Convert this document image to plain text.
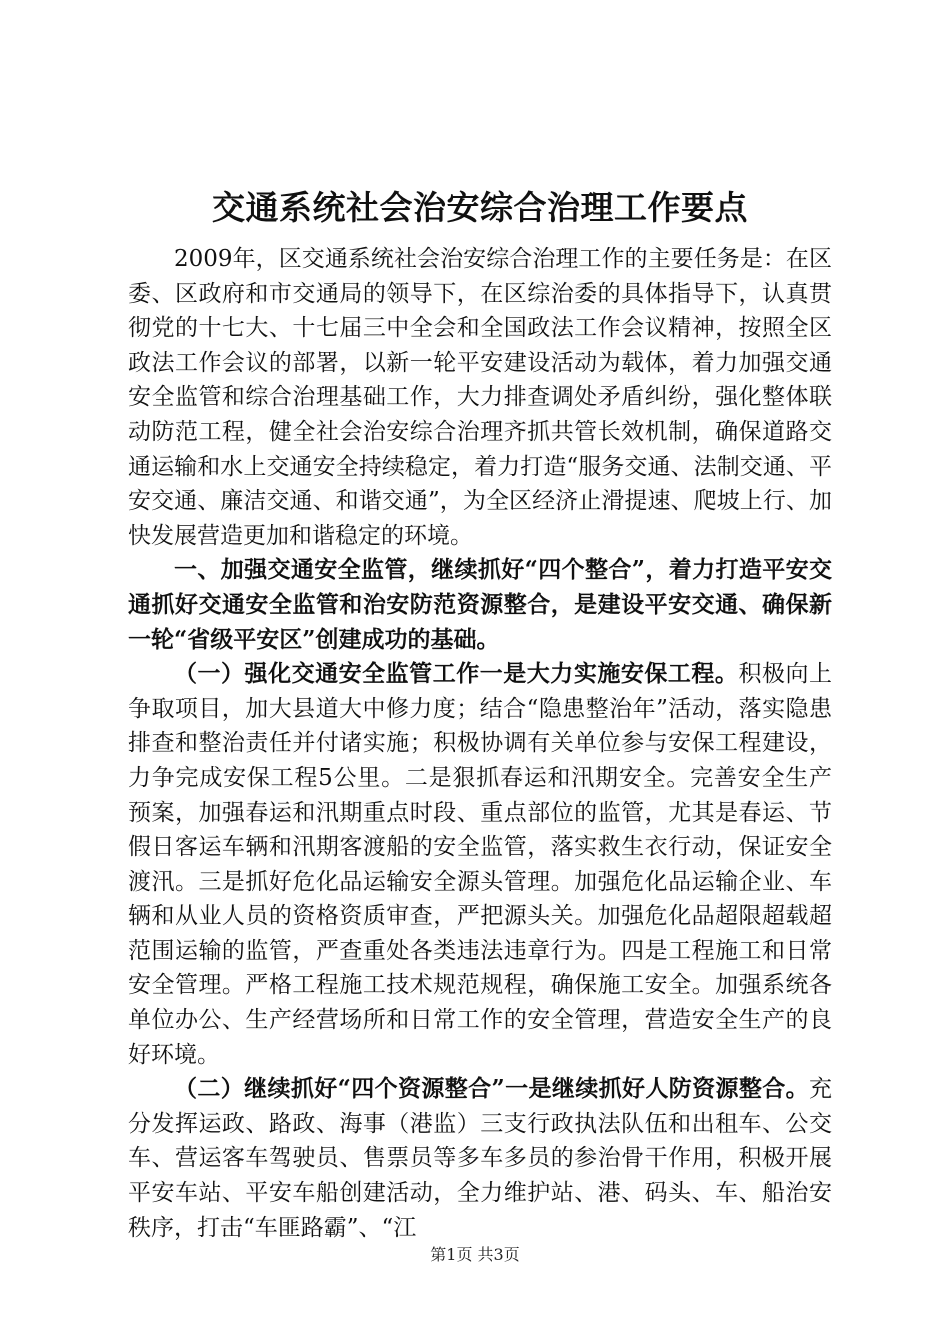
交通系统社会治安综合治理工作要点

2009年，区交通系统社会治安综合治理工作的主要任务是：在区委、区政府和市交通局的领导下，在区综治委的具体指导下，认真贯彻党的十七大、十七届三中全会和全国政法工作会议精神，按照全区政法工作会议的部署，以新一轮平安建设活动为载体，着力加强交通安全监管和综合治理基础工作，大力排查调处矛盾纠纷，强化整体联动防范工程，健全社会治安综合治理齐抓共管长效机制，确保道路交通运输和水上交通安全持续稳定，着力打造“服务交通、法制交通、平安交通、廉洁交通、和谐交通”，为全区经济止滑提速、爬坡上行、加快发展营造更加和谐稳定的环境。

一、加强交通安全监管，继续抓好“四个整合”，着力打造平安交通抓好交通安全监管和治安防范资源整合，是建设平安交通、确保新一轮“省级平安区”创建成功的基础。

（一）强化交通安全监管工作一是大力实施安保工程。积极向上争取项目，加大县道大中修力度；结合“隐患整治年”活动，落实隐患排查和整治责任并付诸实施；积极协调有关单位参与安保工程建设，力争完成安保工程5公里。二是狠抓春运和汛期安全。完善安全生产预案，加强春运和汛期重点时段、重点部位的监管，尤其是春运、节假日客运车辆和汛期客渡船的安全监管，落实救生衣行动，保证安全渡汛。三是抓好危化品运输安全源头管理。加强危化品运输企业、车辆和从业人员的资格资质审查，严把源头关。加强危化品超限超载超范围运输的监管，严查重处各类违法违章行为。四是工程施工和日常安全管理。严格工程施工技术规范规程，确保施工安全。加强系统各单位办公、生产经营场所和日常工作的安全管理，营造安全生产的良好环境。

（二）继续抓好“四个资源整合”一是继续抓好人防资源整合。充分发挥运政、路政、海事（港监）三支行政执法队伍和出租车、公交车、营运客车驾驶员、售票员等多车多员的参治骨干作用，积极开展平安车站、平安车船创建活动，全力维护站、港、码头、车、船治安秩序，打击“车匪路霸”、“江

第1页 共3页
